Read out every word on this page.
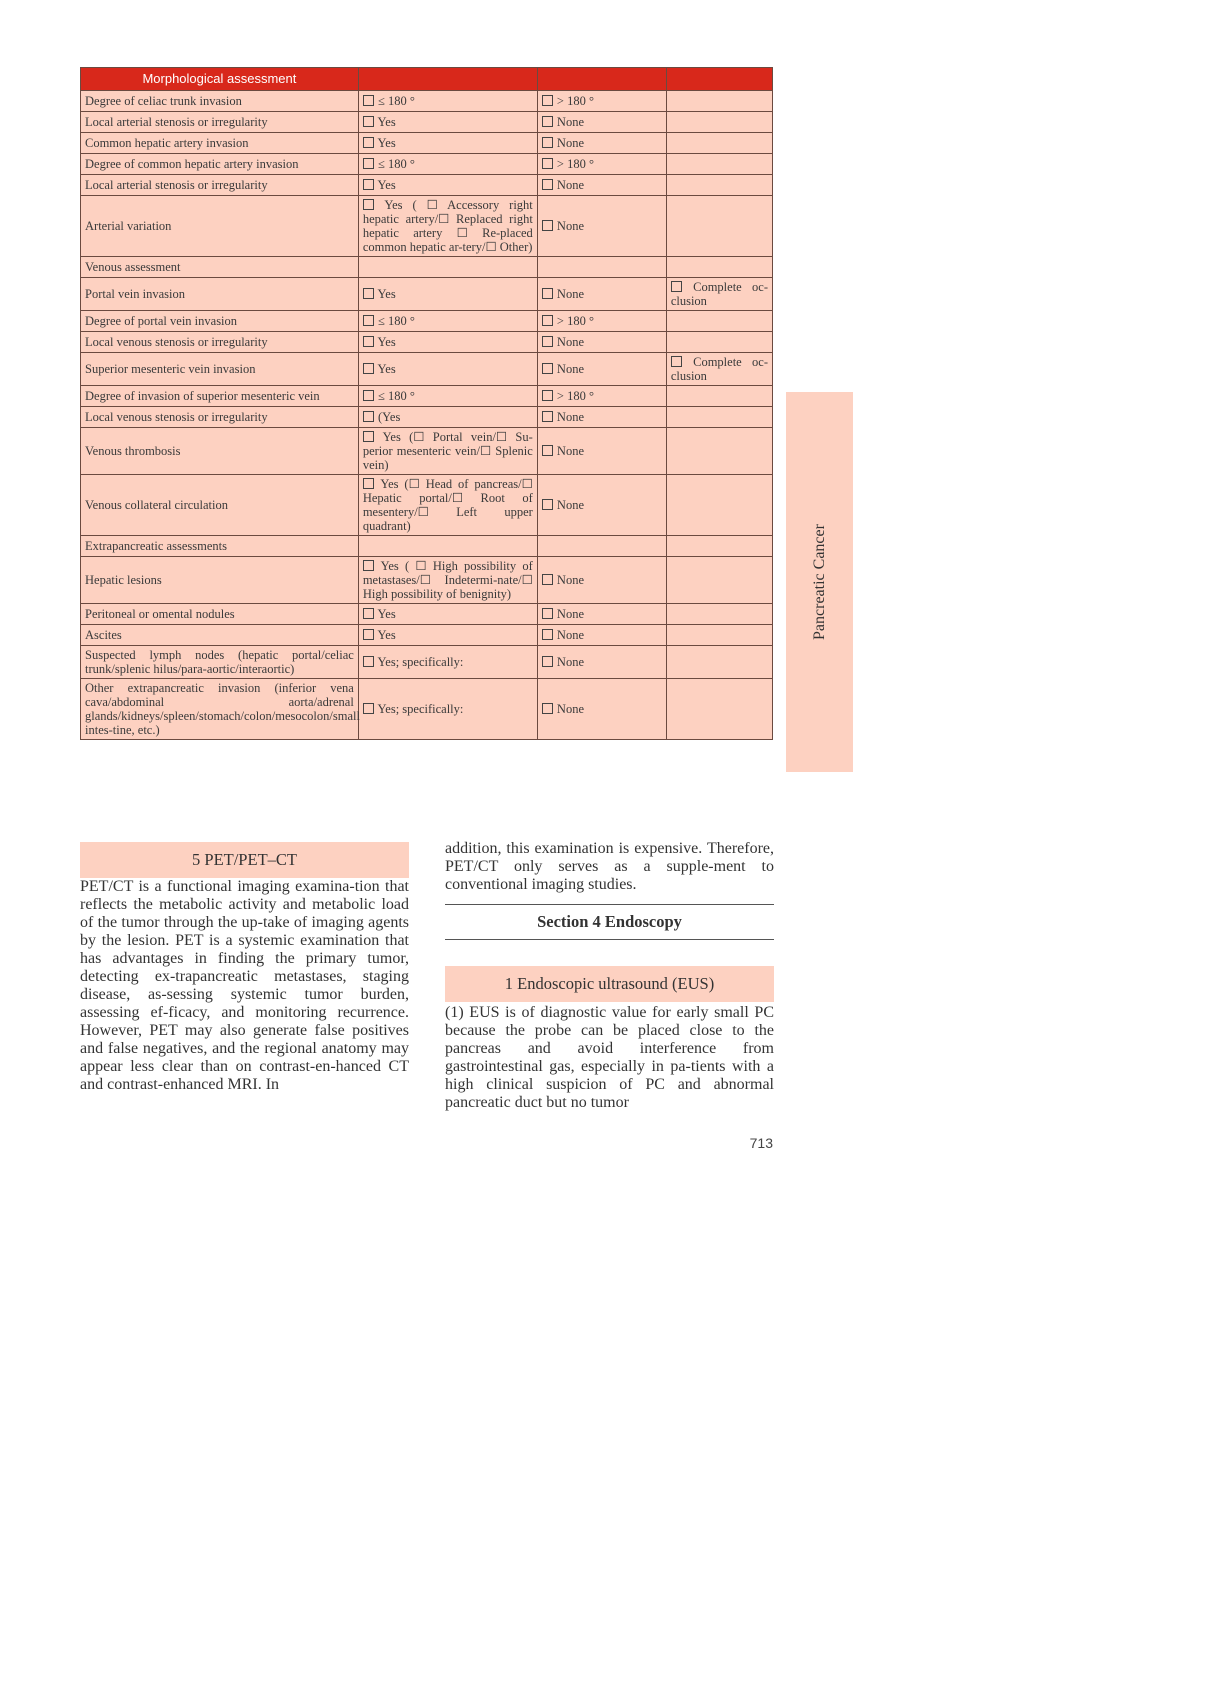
Morphological assessment			
Degree of celiac trunk invasion	≤ 180 °	> 180 °	
Local arterial stenosis or irregularity	Yes	None	
Common hepatic artery invasion	Yes	None	
Degree of common hepatic artery invasion	≤ 180 °	> 180 °	
Local arterial stenosis or irregularity	Yes	None	
Arterial variation	Yes ( ☐ Accessory right hepatic artery/☐ Replaced right hepatic artery ☐ Re-placed common hepatic ar-tery/☐ Other)	None	
Venous assessment			
Portal vein invasion	Yes	None	Complete oc-clusion
Degree of portal vein invasion	≤ 180 °	> 180 °	
Local venous stenosis or irregularity	Yes	None	
Superior mesenteric vein invasion	Yes	None	Complete oc-clusion
Degree of invasion of superior mesenteric vein	≤ 180 °	> 180 °	
Local venous stenosis or irregularity	(Yes	None	
Venous thrombosis	Yes (☐ Portal vein/☐ Su-perior mesenteric vein/☐ Splenic vein)	None	
Venous collateral circulation	Yes (☐ Head of pancreas/☐ Hepatic portal/☐ Root of mesentery/☐ Left upper quadrant)	None	
Extrapancreatic assessments			
Hepatic lesions	Yes ( ☐ High possibility of metastases/☐ Indetermi-nate/☐ High possibility of benignity)	None	
Peritoneal or omental nodules	Yes	None	
Ascites	Yes	None	
Suspected lymph nodes (hepatic portal/celiac trunk/splenic hilus/para-aortic/interaortic)	Yes; specifically:	None	
Other extrapancreatic invasion (inferior vena cava/abdominal aorta/adrenal glands/kidneys/spleen/stomach/colon/mesocolon/small intes-tine, etc.)	Yes; specifically:	None	
Pancreatic Cancer
5 PET/PET–CT

PET/CT is a functional imaging examina-tion that reflects the metabolic activity and metabolic load of the tumor through the up-take of imaging agents by the lesion. PET is a systemic examination that has advantages in finding the primary tumor, detecting ex-trapancreatic metastases, staging disease, as-sessing systemic tumor burden, assessing ef-ficacy, and monitoring recurrence. However, PET may also generate false positives and false negatives, and the regional anatomy may appear less clear than on contrast-en-hanced CT and contrast-enhanced MRI. In

addition, this examination is expensive. Therefore, PET/CT only serves as a supple-ment to conventional imaging studies.

Section 4 Endoscopy
1 Endoscopic ultrasound (EUS)

(1) EUS is of diagnostic value for early small PC because the probe can be placed close to the pancreas and avoid interference from gastrointestinal gas, especially in pa-tients with a high clinical suspicion of PC and abnormal pancreatic duct but no tumor

713
